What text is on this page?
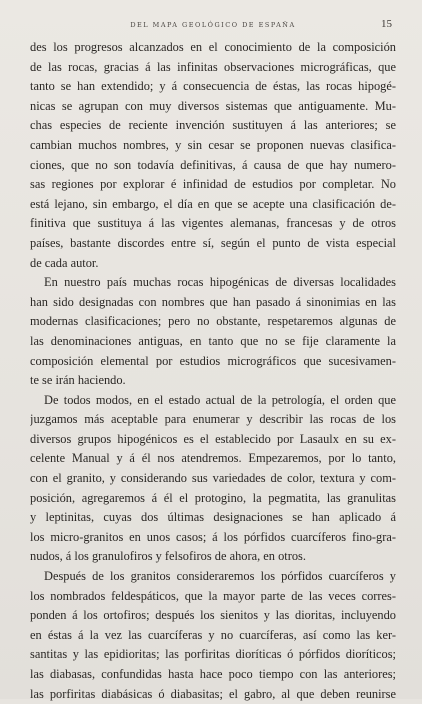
DEL MAPA GEOLÓGICO DE ESPAÑA	15
des los progresos alcanzados en el conocimiento de la composición
de las rocas, gracias á las infinitas observaciones micrográficas, que
tanto se han extendido; y á consecuencia de éstas, las rocas hipogé-
nicas se agrupan con muy diversos sistemas que antiguamente. Mu-
chas especies de reciente invención sustituyen á las anteriores; se
cambian muchos nombres, y sin cesar se proponen nuevas clasifica-
ciones, que no son todavía definitivas, á causa de que hay numero-
sas regiones por explorar é infinidad de estudios por completar. No
está lejano, sin embargo, el día en que se acepte una clasificación de-
finitiva que sustituya á las vigentes alemanas, francesas y de otros
países, bastante discordes entre sí, según el punto de vista especial
de cada autor.
En nuestro país muchas rocas hipogénicas de diversas localidades
han sido designadas con nombres que han pasado á sinonimias en las
modernas clasificaciones; pero no obstante, respetaremos algunas de
las denominaciones antiguas, en tanto que no se fije claramente la
composición elemental por estudios micrográficos que sucesivamen-
te se irán haciendo.
De todos modos, en el estado actual de la petrología, el orden que
juzgamos más aceptable para enumerar y describir las rocas de los
diversos grupos hipogénicos es el establecido por Lasaulx en su ex-
celente Manual y á él nos atendremos. Empezaremos, por lo tanto,
con el granito, y considerando sus variedades de color, textura y com-
posición, agregaremos á él el protogino, la pegmatita, las granulitas
y leptinitas, cuyas dos últimas designaciones se han aplicado á
los micro-granitos en unos casos; á los pórfidos cuarcíferos fino-gra-
nudos, á los granulofiros y felsofiros de ahora, en otros.
Después de los granitos consideraremos los pórfidos cuarcíferos y
los nombrados feldespáticos, que la mayor parte de las veces corres-
ponden á los ortofiros; después los sienitos y las dioritas, incluyendo
en éstas á la vez las cuarcíferas y no cuarcíferas, así como las ker-
santitas y las epidioritas; las porfiritas dioríticas ó pórfidos dioríticos;
las diabasas, confundidas hasta hace poco tiempo con las anteriores;
las porfiritas diabásicas ó diabasitas; el gabro, al que deben reunirse
